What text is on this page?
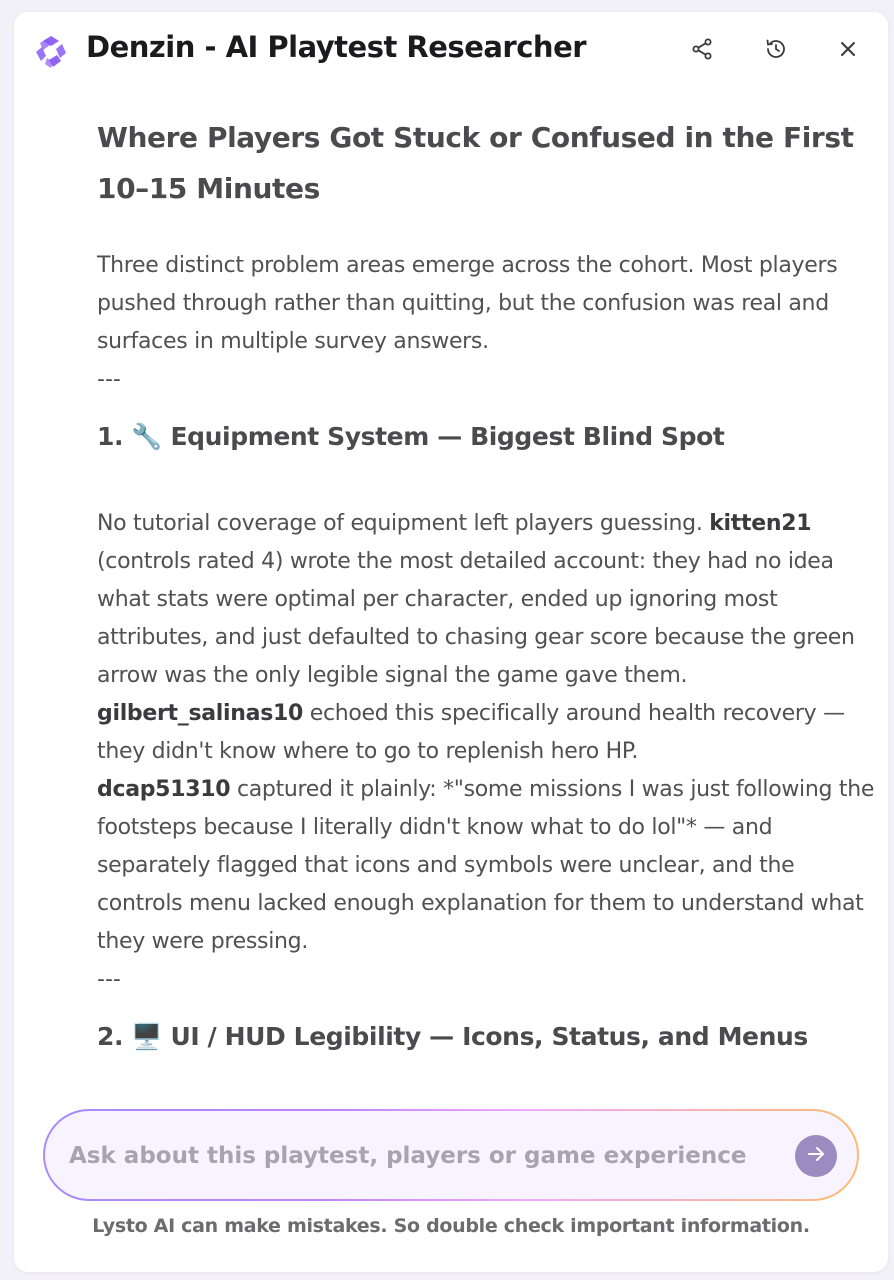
Denzin - AI Playtest Researcher

Where Players Got Stuck or Confused in the First 10–15 Minutes

Three distinct problem areas emerge across the cohort. Most players pushed through rather than quitting, but the confusion was real and surfaces in multiple survey answers.

---

1. 🔧 Equipment System — Biggest Blind Spot

No tutorial coverage of equipment left players guessing. kitten21 (controls rated 4) wrote the most detailed account: they had no idea what stats were optimal per character, ended up ignoring most attributes, and just defaulted to chasing gear score because the green arrow was the only legible signal the game gave them.
gilbert_salinas10 echoed this specifically around health recovery — they didn't know where to go to replenish hero HP.
dcap51310 captured it plainly: *"some missions I was just following the footsteps because I literally didn't know what to do lol"* — and separately flagged that icons and symbols were unclear, and the controls menu lacked enough explanation for them to understand what they were pressing.

---

2. 🖥️ UI / HUD Legibility — Icons, Status, and Menus

Ask about this playtest, players or game experience
Lysto AI can make mistakes. So double check important information.
